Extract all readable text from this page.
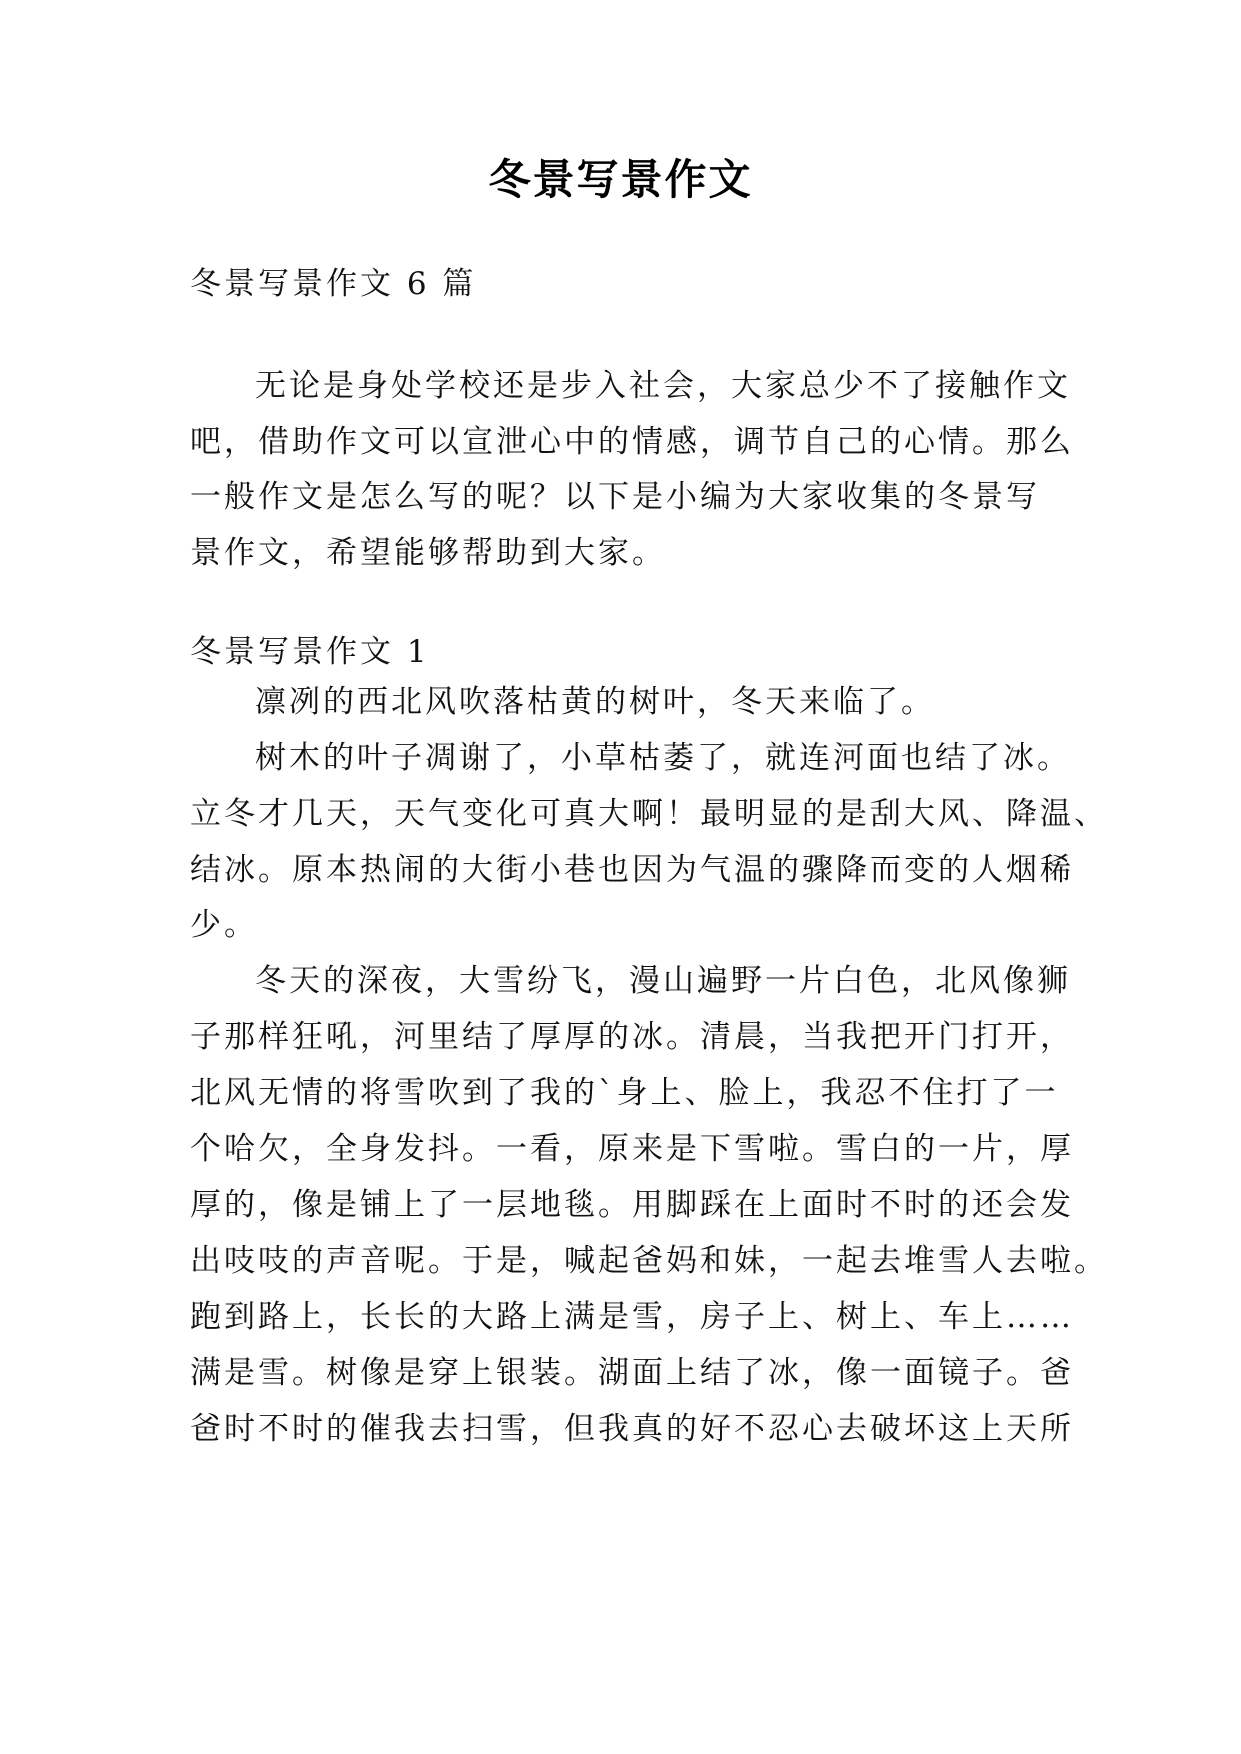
冬景写景作文
冬景写景作文 6 篇
无论是身处学校还是步入社会，大家总少不了接触作文
吧，借助作文可以宣泄心中的情感，调节自己的心情。那么
一般作文是怎么写的呢？以下是小编为大家收集的冬景写
景作文，希望能够帮助到大家。
冬景写景作文 1
凛冽的西北风吹落枯黄的树叶，冬天来临了。
树木的叶子凋谢了，小草枯萎了，就连河面也结了冰。
立冬才几天，天气变化可真大啊！最明显的是刮大风、降温、
结冰。原本热闹的大街小巷也因为气温的骤降而变的人烟稀
少。
冬天的深夜，大雪纷飞，漫山遍野一片白色，北风像狮
子那样狂吼，河里结了厚厚的冰。清晨，当我把开门打开，
北风无情的将雪吹到了我的`身上、脸上，我忍不住打了一
个哈欠，全身发抖。一看，原来是下雪啦。雪白的一片，厚
厚的，像是铺上了一层地毯。用脚踩在上面时不时的还会发
出吱吱的声音呢。于是，喊起爸妈和妹，一起去堆雪人去啦。
跑到路上，长长的大路上满是雪，房子上、树上、车上……
满是雪。树像是穿上银装。湖面上结了冰，像一面镜子。爸
爸时不时的催我去扫雪，但我真的好不忍心去破坏这上天所
